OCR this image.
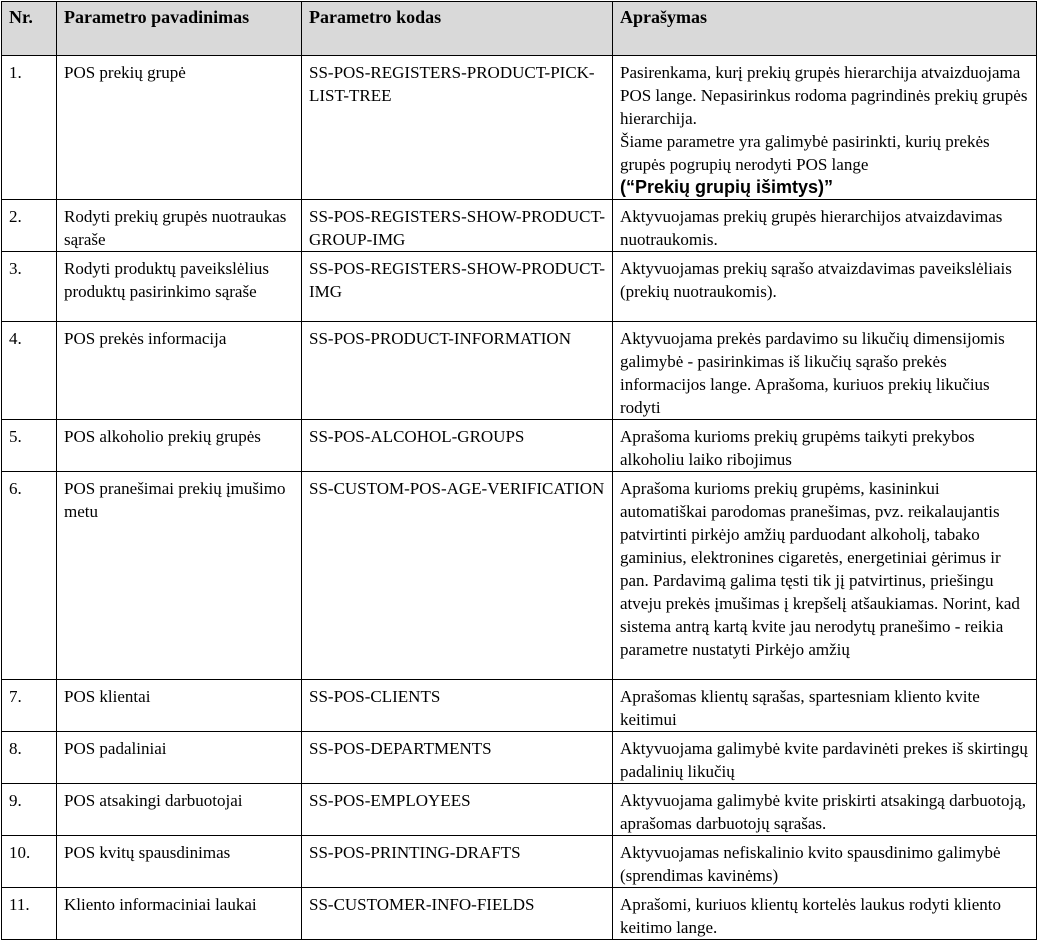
Nr.	Parametro pavadinimas	Parametro kodas	Aprašymas
1.	POS prekių grupė	SS-POS-REGISTERS-PRODUCT-PICK-LIST-TREE	Pasirenkama, kurį prekių grupės hierarchija atvaizduojama POS lange. Nepasirinkus rodoma pagrindinės prekių grupės hierarchija.
Šiame parametre yra galimybė pasirinkti, kurių prekės grupės pogrupių nerodyti POS lange
(“Prekių grupių išimtys)”

2.	Rodyti prekių grupės nuotraukas sąraše	SS-POS-REGISTERS-SHOW-PRODUCT-GROUP-IMG	Aktyvuojamas prekių grupės hierarchijos atvaizdavimas nuotraukomis.
3.	Rodyti produktų paveikslėlius produktų pasirinkimo sąraše	SS-POS-REGISTERS-SHOW-PRODUCT-IMG	Aktyvuojamas prekių sąrašo atvaizdavimas paveikslėliais (prekių nuotraukomis).
4.	POS prekės informacija	SS-POS-PRODUCT-INFORMATION	Aktyvuojama prekės pardavimo su likučių dimensijomis galimybė - pasirinkimas iš likučių sąrašo prekės informacijos lange. Aprašoma, kuriuos prekių likučius rodyti
5.	POS alkoholio prekių grupės	SS-POS-ALCOHOL-GROUPS	Aprašoma kurioms prekių grupėms taikyti prekybos alkoholiu laiko ribojimus
6.	POS pranešimai prekių įmušimo metu	SS-CUSTOM-POS-AGE-VERIFICATION	Aprašoma kurioms prekių grupėms, kasininkui automatiškai parodomas pranešimas, pvz. reikalaujantis patvirtinti pirkėjo amžių parduodant alkoholį, tabako gaminius, elektronines cigaretės, energetiniai gėrimus ir pan. Pardavimą galima tęsti tik jį patvirtinus, priešingu atveju prekės įmušimas į krepšelį atšaukiamas. Norint, kad sistema antrą kartą kvite jau nerodytų pranešimo - reikia parametre nustatyti Pirkėjo amžių
7.	POS klientai	SS-POS-CLIENTS	Aprašomas klientų sąrašas, spartesniam kliento kvite keitimui
8.	POS padaliniai	SS-POS-DEPARTMENTS	Aktyvuojama galimybė kvite pardavinėti prekes iš skirtingų padalinių likučių
9.	POS atsakingi darbuotojai	SS-POS-EMPLOYEES	Aktyvuojama galimybė kvite priskirti atsakingą darbuotoją, aprašomas darbuotojų sąrašas.
10.	POS kvitų spausdinimas	SS-POS-PRINTING-DRAFTS	Aktyvuojamas nefiskalinio kvito spausdinimo galimybė (sprendimas kavinėms)
11.	Kliento informaciniai laukai	SS-CUSTOMER-INFO-FIELDS	Aprašomi, kuriuos klientų kortelės laukus rodyti kliento keitimo lange.
